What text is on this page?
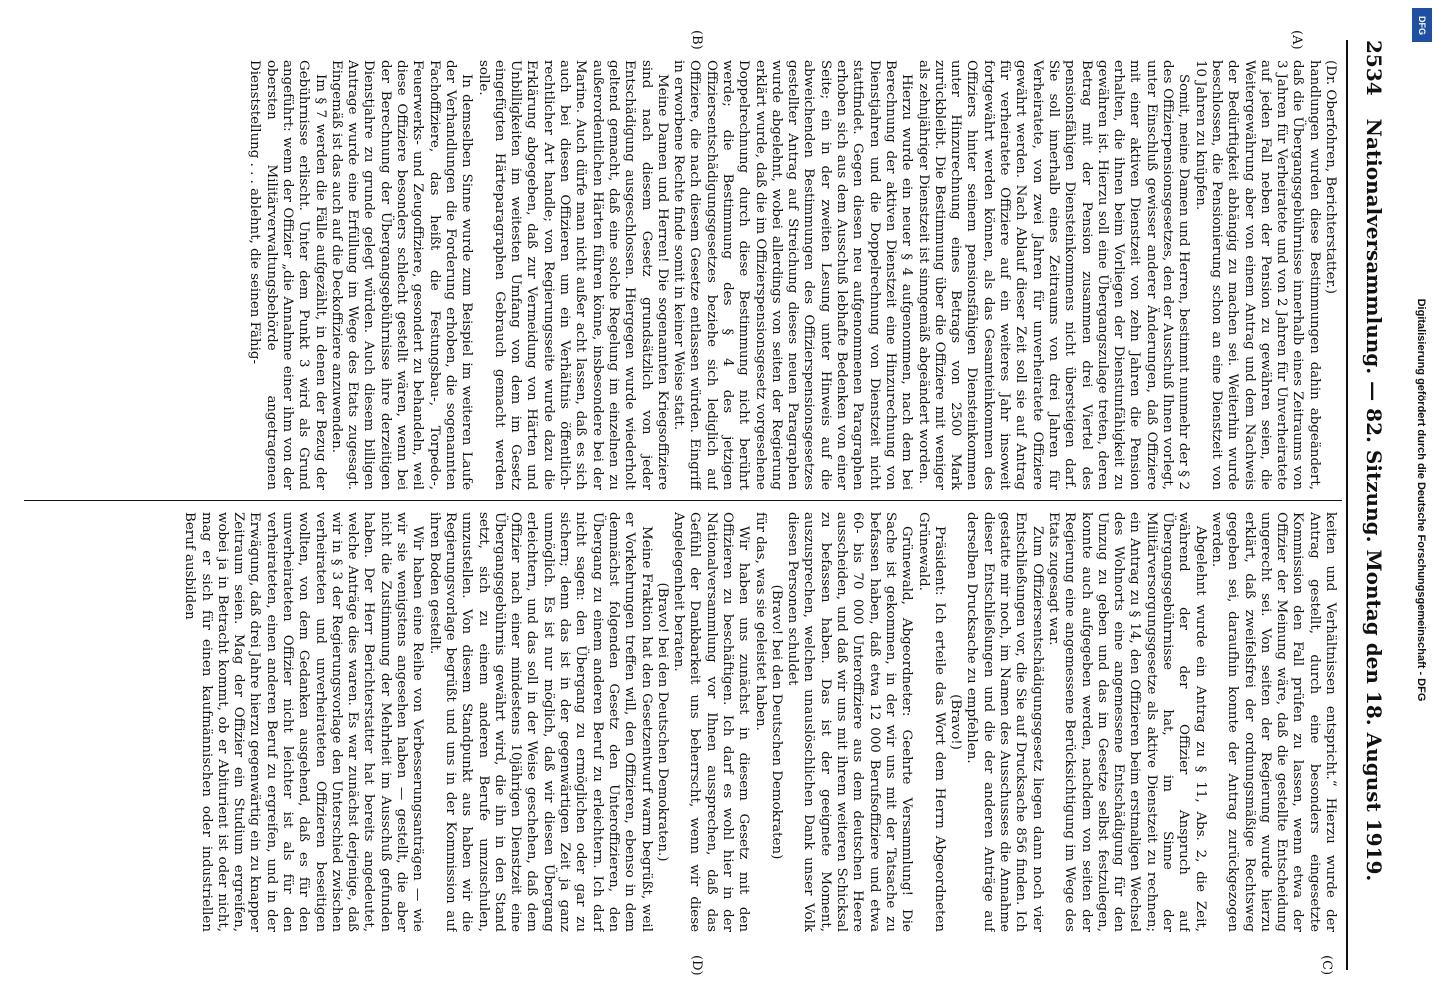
2534
Nationalversammlung. — 82. Sitzung. Montag den 18. August 1919.
(A)
(B)
(C)
(D)

(Dr. Oberfohren, Berichterstatter.)

handlungen wurden diese Bestimmungen dahin abgeändert, daß die Übergangsgebührnisse innerhalb eines Zeitraums von 3 Jahren für Verheiratete und von 2 Jahren für Unverheiratete auf jeden Fall neben der Pension zu gewähren seien, die Weitergewährung aber von einem Antrag und dem Nachweis der Bedürftigkeit abhängig zu machen sei. Weiterhin wurde beschlossen, die Pensionierung schon an eine Dienstzeit von 10 Jahren zu knüpfen.

Somit, meine Damen und Herren, bestimmt nunmehr der § 2 des Offizierpensionsgesetzes, den der Ausschuß Ihnen vorlegt, unter Einschluß gewisser anderer Änderungen, daß Offiziere mit einer aktiven Dienstzeit von zehn Jahren die Pension erhalten, die ihnen beim Vorliegen der Dienstunfähigkeit zu gewähren ist. Hierzu soll eine Übergangszulage treten, deren Betrag mit der Pension zusammen drei Viertel des pensionsfähigen Diensteinkommens nicht übersteigen darf. Sie soll innerhalb eines Zeitraums von drei Jahren für Verheiratete, von zwei Jahren für unverheiratete Offiziere gewährt werden. Nach Ablauf dieser Zeit soll sie auf Antrag für verheiratete Offiziere auf ein weiteres Jahr insoweit fortgewährt werden können, als das Gesamteinkommen des Offiziers hinter seinem pensionsfähigen Diensteinkommen unter Hinzurechnung eines Betrags von 2500 Mark zurückbleibt. Die Bestimmung über die Offiziere mit weniger als zehnjähriger Dienstzeit ist sinngemäß abgeändert worden.

Hierzu wurde ein neuer § 4 aufgenommen, nach dem bei Berechnung der aktiven Dienstzeit eine Hinzurechnung von Dienstjahren und die Doppelrechnung von Dienstzeit nicht stattfindet. Gegen diesen neu aufgenommenen Paragraphen erhoben sich aus dem Ausschuß lebhafte Bedenken von einer Seite; ein in der zweiten Lesung unter Hinweis auf die abweichenden Bestimmungen des Offizierspensionsgesetzes gestellter Antrag auf Streichung dieses neuen Paragraphen wurde abgelehnt, wobei allerdings von seiten der Regierung erklärt wurde, daß die im Offizierspensionsgesetz vorgesehene Doppelrechnung durch diese Bestimmung nicht berührt werde; die Bestimmung des § 4 des jetzigen Offiziersentschädigungsgesetzes beziehe sich lediglich auf Offiziere, die nach diesem Gesetze entlassen würden. Eingriff in erworbene Rechte finde somit in keiner Weise statt.

Meine Damen und Herren! Die sogenannten Kriegsoffiziere sind nach diesem Gesetz grundsätzlich von jeder Entschädigung ausgeschlossen. Hiergegen wurde wiederholt geltend gemacht, daß eine solche Regelung im einzelnen zu außerordentlichen Härten führen könne, insbesondere bei der Marine. Auch dürfe man nicht außer acht lassen, daß es sich auch bei diesen Offizieren um ein Verhältnis öffentlich-rechtlicher Art handle; von Regierungsseite wurde dazu die Erklärung abgegeben, daß zur Vermeidung von Härten und Unbilligkeiten im weitesten Umfang von dem im Gesetz eingefügten Härteparagraphen Gebrauch gemacht werden solle.

In demselben Sinne wurde zum Beispiel im weiteren Laufe der Verhandlungen die Forderung erhoben, die sogenannten Fachoffiziere, das heißt die Festungsbau-, Torpedo-, Feuerwerks- und Zeugoffiziere, gesondert zu behandeln, weil diese Offiziere besonders schlecht gestellt wären, wenn bei der Berechnung der Übergangsgebührnisse ihre derzeitigen Dienstjahre zu grunde gelegt würden. Auch diesem billigen Antrage wurde eine Erfüllung im Wege des Etats zugesagt. Eingemäß ist das auch auf die Deckoffiziere anzuwenden.

Im § 7 werden die Fälle aufgezählt, in denen der Bezug der Gebührnisse erlischt. Unter dem Punkt 3 wird als Grund angeführt: wenn der Offizier „die Annahme einer ihm von der obersten Militärverwaltungsbehörde angetragenen Dienststellung . . . ablehnt, die seinen Fähig-

keiten und Verhältnissen entspricht.“ Hierzu wurde der Antrag gestellt, durch eine besonders eingesetzte Kommission den Fall prüfen zu lassen, wenn etwa der Offizier der Meinung wäre, daß die gestellte Entscheidung ungerecht sei. Von seiten der Regierung wurde hierzu erklärt, daß zweifelsfrei der ordnungsmäßige Rechtsweg gegeben sei, daraufhin konnte der Antrag zurückgezogen werden.

Abgelehnt wurde ein Antrag zu § 11, Abs. 2, die Zeit, während der der Offizier Anspruch auf Übergangsgebührnisse hat, im Sinne der Militärversorgungsgesetze als aktive Dienstzeit zu rechnen; ein Antrag zu § 14, den Offizieren beim erstmaligen Wechsel des Wohnorts eine angemessene Entschädigung für den Umzug zu geben und das im Gesetze selbst festzulegen, konnte auch aufgegeben werden, nachdem von seiten der Regierung eine angemessene Berücksichtigung im Wege des Etats zugesagt war.

Zum Offiziersentschädigungsgesetz liegen dann noch vier Entschließungen vor, die Sie auf Drucksache 856 finden. Ich gestatte mir noch, im Namen des Ausschusses die Annahme dieser Entschließungen und die der anderen Anträge auf derselben Drucksache zu empfehlen.

(Bravo!)

Präsident: Ich erteile das Wort dem Herrn Abgeordneten Grünewald.

Grünewald, Abgeordneter: Geehrte Versammlung! Die Sache ist gekommen, in der wir uns mit der Tatsache zu befassen haben, daß etwa 12 000 Berufsoffiziere und etwa 60- bis 70 000 Unteroffiziere aus dem deutschen Heere ausscheiden, und daß wir uns mit ihrem weiteren Schicksal zu befassen haben. Das ist der geeignete Moment, auszusprechen, welchen unauslöschlichen Dank unser Volk diesen Personen schuldet

(Bravo! bei den Deutschen Demokraten)

für das, was sie geleistet haben.

Wir haben uns zunächst in diesem Gesetz mit den Offizieren zu beschäftigen. Ich darf es wohl hier in der Nationalversammlung vor Ihnen aussprechen, daß das Gefühl der Dankbarkeit uns beherrscht, wenn wir diese Angelegenheit beraten.

(Bravo! bei den Deutschen Demokraten.)

Meine Fraktion hat den Gesetzentwurf warm begrüßt, weil er Vorkehrungen treffen will, den Offizieren, ebenso in dem demnächst folgenden Gesetz den Unteroffizieren, den Übergang zu einem anderen Beruf zu erleichtern. Ich darf nicht sagen: den Übergang zu ermöglichen oder gar zu sichern; denn das ist in der gegenwärtigen Zeit ja ganz unmöglich. Es ist nur möglich, daß wir diesen Übergang erleichtern, und das soll in der Weise geschehen, daß dem Offizier nach einer mindestens 10jährigen Dienstzeit eine Übergangsgebührnis gewährt wird, die ihn in den Stand setzt, sich zu einem anderen Berufe umzuschulen, umzustellen. Von diesem Standpunkt aus haben wir die Regierungsvorlage begrüßt und uns in der Kommission auf ihren Boden gestellt.

Wir haben eine Reihe von Verbesserungsanträgen — wie wir sie wenigstens angesehen haben — gestellt, die aber nicht die Zustimmung der Mehrheit im Ausschuß gefunden haben. Der Herr Berichterstatter hat bereits angedeutet, welche Anträge dies waren. Es war zunächst derjenige, daß wir in § 3 der Regierungsvorlage den Unterschied zwischen verheirateten und unverheirateten Offizieren beseitigen wollten, von dem Gedanken ausgehend, daß es für den unverheirateten Offizier nicht leichter ist als für den verheirateten, einen anderen Beruf zu ergreifen, und in der Erwägung, daß drei Jahre hierzu gegenwärtig ein zu knapper Zeitraum seien. Mag der Offizier ein Studium ergreifen, wobei ja in Betracht kommt, ob er Abiturient ist oder nicht, mag er sich für einen kaufmännischen oder industriellen Beruf ausbilden	Digitalisierung gefördert durch die Deutsche Forschungsgemeinschaft - DFG
DFG
